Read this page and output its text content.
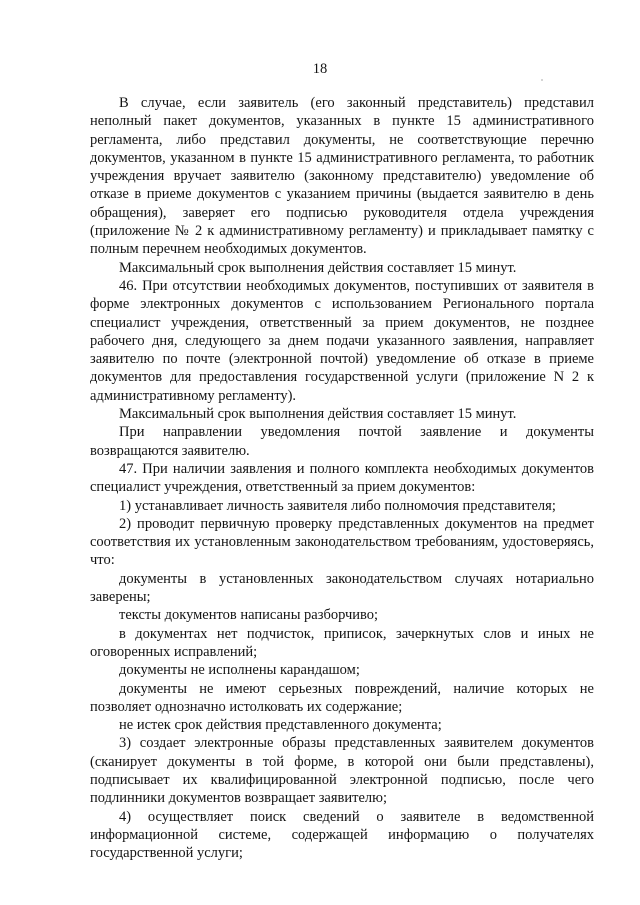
18

В случае, если заявитель (его законный представитель) представил неполный пакет документов, указанных в пункте 15 административного регламента, либо представил документы, не соответствующие перечню документов, указанном в пункте 15 административного регламента, то работник учреждения вручает заявителю (законному представителю) уведомление об отказе в приеме документов с указанием причины (выдается заявителю в день обращения), заверяет его подписью руководителя отдела учреждения (приложение № 2 к административному регламенту) и прикладывает памятку с полным перечнем необходимых документов.

Максимальный срок выполнения действия составляет 15 минут.

46. При отсутствии необходимых документов, поступивших от заявителя в форме электронных документов с использованием Регионального портала специалист учреждения, ответственный за прием документов, не позднее рабочего дня, следующего за днем подачи указанного заявления, направляет заявителю по почте (электронной почтой) уведомление об отказе в приеме документов для предоставления государственной услуги (приложение N 2 к административному регламенту).

Максимальный срок выполнения действия составляет 15 минут.

При направлении уведомления почтой заявление и документы возвращаются заявителю.

47. При наличии заявления и полного комплекта необходимых документов специалист учреждения, ответственный за прием документов:

1) устанавливает личность заявителя либо полномочия представителя;

2) проводит первичную проверку представленных документов на предмет соответствия их установленным законодательством требованиям, удостоверяясь, что:

документы в установленных законодательством случаях нотариально заверены;

тексты документов написаны разборчиво;

в документах нет подчисток, приписок, зачеркнутых слов и иных не оговоренных исправлений;

документы не исполнены карандашом;

документы не имеют серьезных повреждений, наличие которых не позволяет однозначно истолковать их содержание;

не истек срок действия представленного документа;

3) создает электронные образы представленных заявителем документов (сканирует документы в той форме, в которой они были представлены), подписывает их квалифицированной электронной подписью, после чего подлинники документов возвращает заявителю;

4) осуществляет поиск сведений о заявителе в ведомственной информационной системе, содержащей информацию о получателях государственной услуги;
